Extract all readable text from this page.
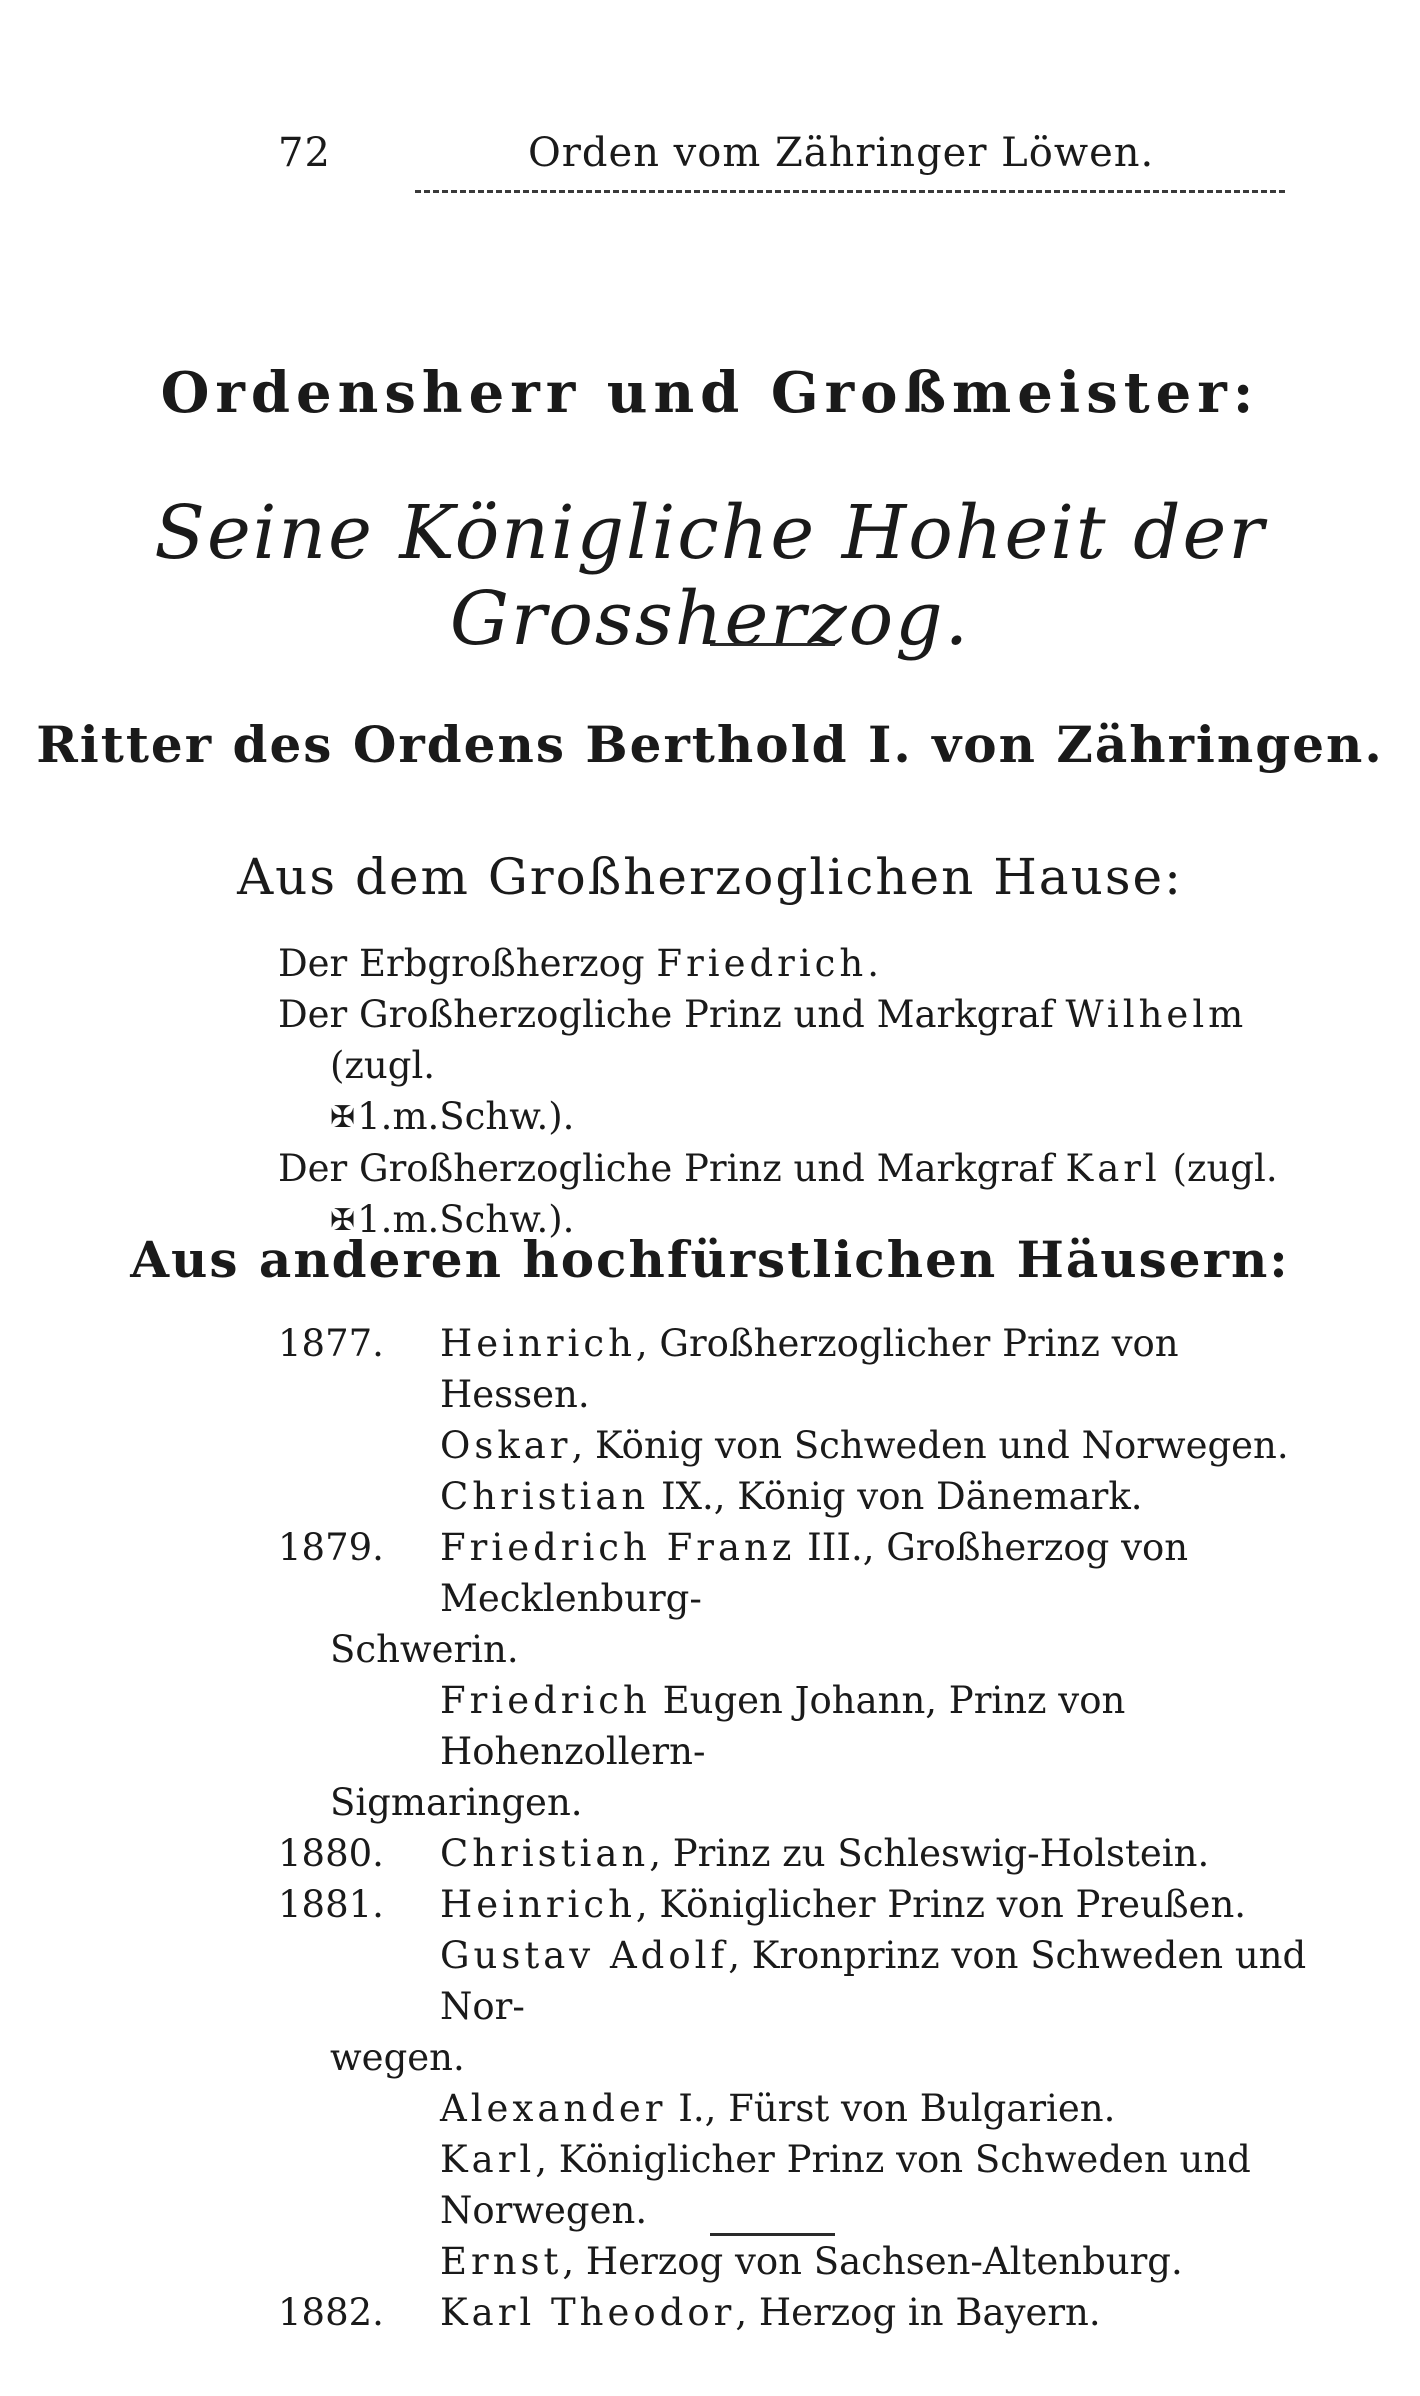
72	Orden vom Zähringer Löwen.
Ordensherr und Großmeister:
Seine Königliche Hoheit der Grossherzog.
Ritter des Ordens Berthold I. von Zähringen.
Aus dem Großherzoglichen Hause:
Der Erbgroßherzog Friedrich.
Der Großherzogliche Prinz und Markgraf Wilhelm (zugl.
✠1.m.Schw.).
Der Großherzogliche Prinz und Markgraf Karl (zugl.
✠1.m.Schw.).
Aus anderen hochfürstlichen Häusern:
1877. Heinrich, Großherzoglicher Prinz von Hessen.
Oskar, König von Schweden und Norwegen.
Christian IX., König von Dänemark.
1879. Friedrich Franz III., Großherzog von Mecklenburg-
Schwerin.
Friedrich Eugen Johann, Prinz von Hohenzollern-
Sigmaringen.
1880. Christian, Prinz zu Schleswig-Holstein.
1881. Heinrich, Königlicher Prinz von Preußen.
Gustav Adolf, Kronprinz von Schweden und Nor-
wegen.
Alexander I., Fürst von Bulgarien.
Karl, Königlicher Prinz von Schweden und Norwegen.
Ernst, Herzog von Sachsen-Altenburg.
1882. Karl Theodor, Herzog in Bayern.
